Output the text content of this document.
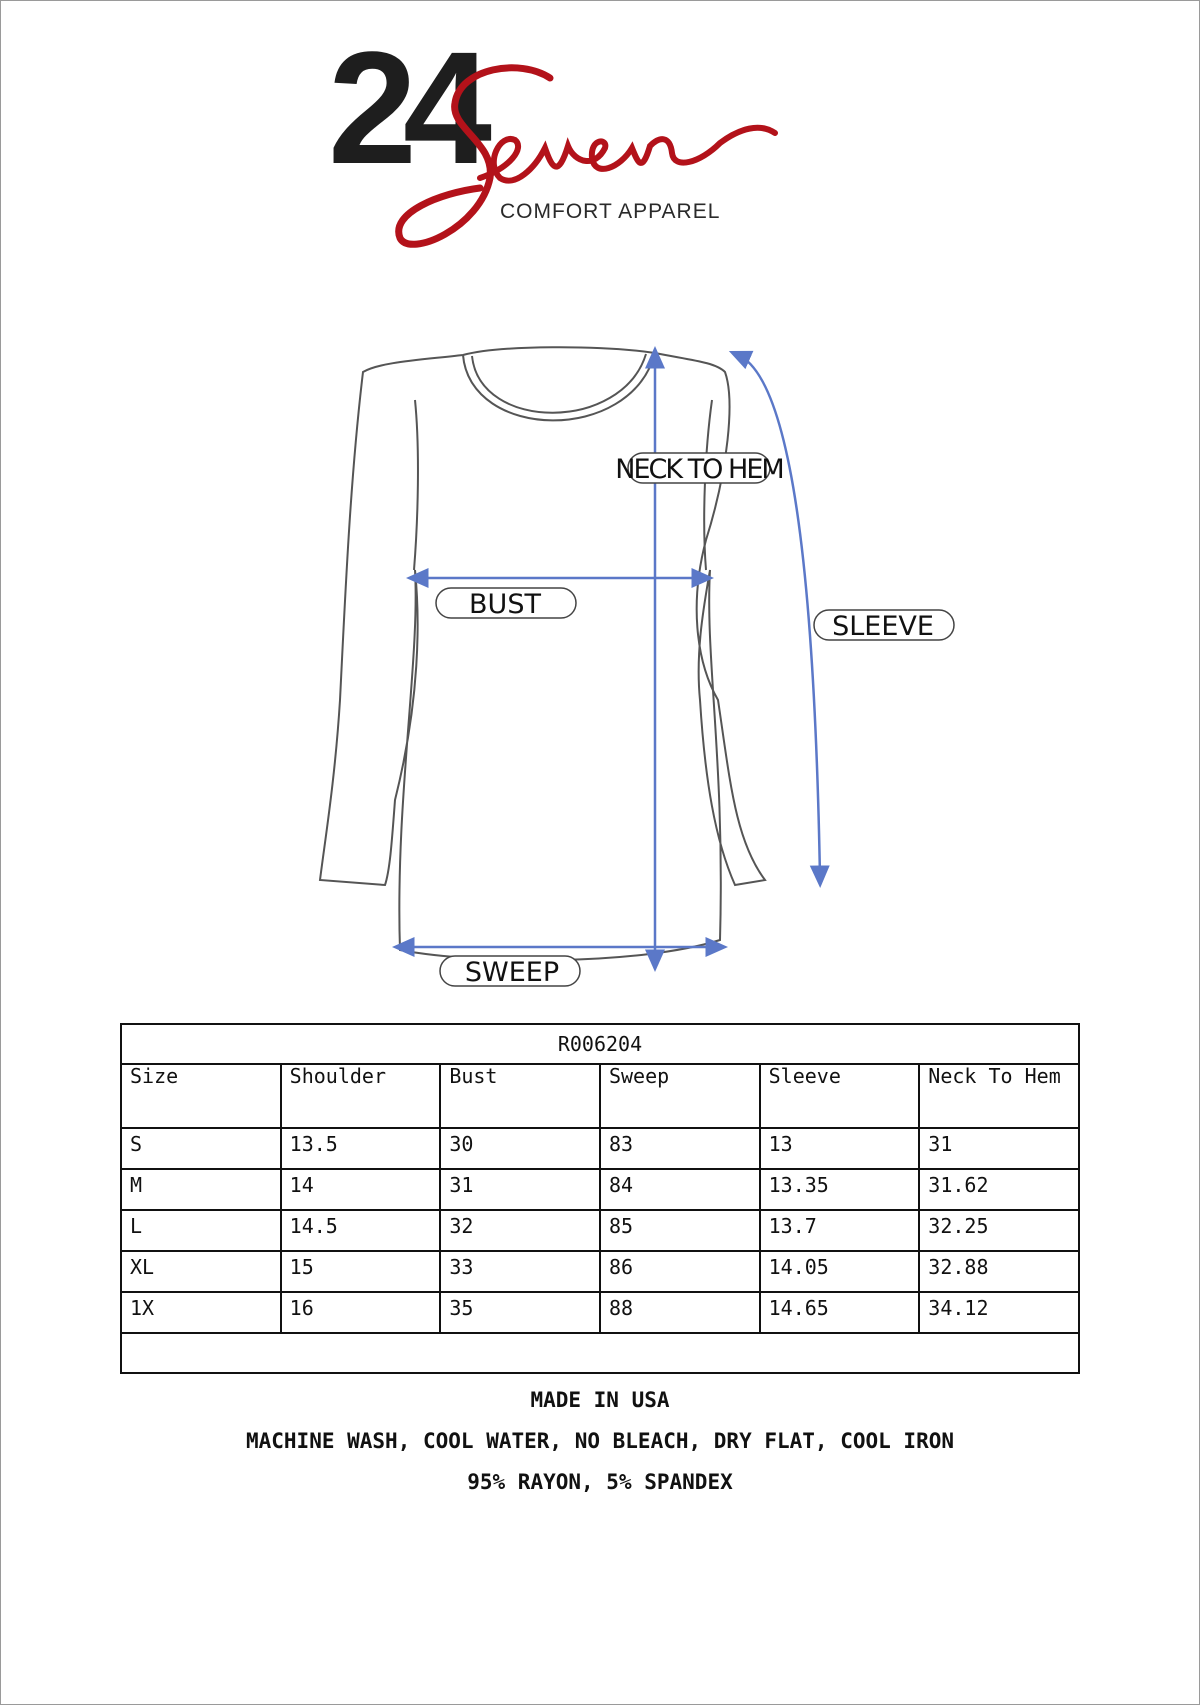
24
COMFORT APPAREL
NECK TO HEM
BUST
SLEEVE
SWEEP
R006204					
Size	Shoulder	Bust	Sweep	Sleeve	Neck To Hem
S	13.5	30	83	13	31
M	14	31	84	13.35	31.62
L	14.5	32	85	13.7	32.25
XL	15	33	86	14.05	32.88
1X	16	35	88	14.65	34.12

MADE IN USA
MACHINE WASH, COOL WATER, NO BLEACH, DRY FLAT, COOL IRON
95% RAYON, 5% SPANDEX
